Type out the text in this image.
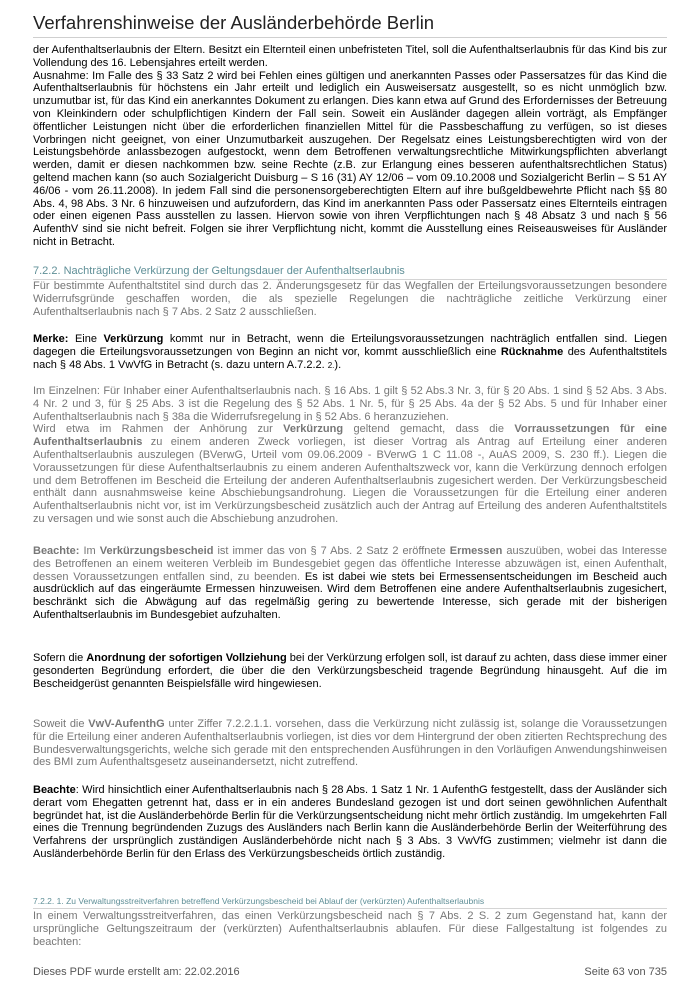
Verfahrenshinweise der Ausländerbehörde Berlin

der Aufenthaltserlaubnis der Eltern. Besitzt ein Elternteil einen unbefristeten Titel, soll die Aufenthaltserlaubnis für das Kind bis zur Vollendung des 16. Lebensjahres erteilt werden.

Ausnahme: Im Falle des § 33 Satz 2 wird bei Fehlen eines gültigen und anerkannten Passes oder Passersatzes für das Kind die Aufenthaltserlaubnis für höchstens ein Jahr erteilt und lediglich ein Ausweisersatz ausgestellt, so es nicht unmöglich bzw. unzumutbar ist, für das Kind ein anerkanntes Dokument zu erlangen. Dies kann etwa auf Grund des Erfordernisses der Betreuung von Kleinkindern oder schulpflichtigen Kindern der Fall sein. Soweit ein Ausländer dagegen allein vorträgt, als Empfänger öffentlicher Leistungen nicht über die erforderlichen finanziellen Mittel für die Passbeschaffung zu verfügen, so ist dieses Vorbringen nicht geeignet, von einer Unzumutbarkeit auszugehen. Der Regelsatz eines Leistungsberechtigten wird von der Leistungsbehörde anlassbezogen aufgestockt, wenn dem Betroffenen verwaltungsrechtliche Mitwirkungspflichten abverlangt werden, damit er diesen nachkommen bzw. seine Rechte (z.B. zur Erlangung eines besseren aufenthaltsrechtlichen Status) geltend machen kann (so auch Sozialgericht Duisburg – S 16 (31) AY 12/06 – vom 09.10.2008 und Sozialgericht Berlin – S 51 AY 46/06 - vom 26.11.2008). In jedem Fall sind die personensorgeberechtigten Eltern auf ihre bußgeldbewehrte Pflicht nach §§ 80 Abs. 4, 98 Abs. 3 Nr. 6 hinzuweisen und aufzufordern, das Kind im anerkannten Pass oder Passersatz eines Elternteils eintragen oder einen eigenen Pass ausstellen zu lassen. Hiervon sowie von ihren Verpflichtungen nach § 48 Absatz 3 und nach § 56 AufenthV sind sie nicht befreit. Folgen sie ihrer Verpflichtung nicht, kommt die Ausstellung eines Reiseausweises für Ausländer nicht in Betracht.

7.2.2. Nachträgliche Verkürzung der Geltungsdauer der Aufenthaltserlaubnis

Für bestimmte Aufenthaltstitel sind durch das 2. Änderungsgesetz für das Wegfallen der Erteilungsvoraussetzungen besondere Widerrufsgründe geschaffen worden, die als spezielle Regelungen die nachträgliche zeitliche Verkürzung einer Aufenthaltserlaubnis nach § 7 Abs. 2 Satz 2 ausschließen.

Merke: Eine Verkürzung kommt nur in Betracht, wenn die Erteilungsvoraussetzungen nachträglich entfallen sind. Liegen dagegen die Erteilungsvoraussetzungen von Beginn an nicht vor, kommt ausschließlich eine Rücknahme des Aufenthaltstitels nach § 48 Abs. 1 VwVfG in Betracht (s. dazu untern A.7.2.2. 2.).

Im Einzelnen: Für Inhaber einer Aufenthaltserlaubnis nach. § 16 Abs. 1 gilt § 52 Abs.3 Nr. 3, für § 20 Abs. 1 sind § 52 Abs. 3 Abs. 4 Nr. 2 und 3, für § 25 Abs. 3 ist die Regelung des § 52 Abs. 1 Nr. 5, für § 25 Abs. 4a der § 52 Abs. 5 und für Inhaber einer Aufenthaltserlaubnis nach § 38a die Widerrufsregelung in § 52 Abs. 6 heranzuziehen.

Wird etwa im Rahmen der Anhörung zur Verkürzung geltend gemacht, dass die Vorraussetzungen für eine Aufenthaltserlaubnis zu einem anderen Zweck vorliegen, ist dieser Vortrag als Antrag auf Erteilung einer anderen Aufenthaltserlaubnis auszulegen (BVerwG, Urteil vom 09.06.2009 - BVerwG 1 C 11.08 -, AuAS 2009, S. 230 ff.). Liegen die Voraussetzungen für diese Aufenthaltserlaubnis zu einem anderen Aufenthaltszweck vor, kann die Verkürzung dennoch erfolgen und dem Betroffenen im Bescheid die Erteilung der anderen Aufenthaltserlaubnis zugesichert werden. Der Verkürzungsbescheid enthält dann ausnahmsweise keine Abschiebungsandrohung. Liegen die Voraussetzungen für die Erteilung einer anderen Aufenthaltserlaubnis nicht vor, ist im Verkürzungsbescheid zusätzlich auch der Antrag auf Erteilung des anderen Aufenthaltstitels zu versagen und wie sonst auch die Abschiebung anzudrohen.

Beachte: Im Verkürzungsbescheid ist immer das von § 7 Abs. 2 Satz 2 eröffnete Ermessen auszuüben, wobei das Interesse des Betroffenen an einem weiteren Verbleib im Bundesgebiet gegen das öffentliche Interesse abzuwägen ist, einen Aufenthalt, dessen Voraussetzungen entfallen sind, zu beenden. Es ist dabei wie stets bei Ermessensentscheidungen im Bescheid auch ausdrücklich auf das eingeräumte Ermessen hinzuweisen. Wird dem Betroffenen eine andere Aufenthaltserlaubnis zugesichert, beschränkt sich die Abwägung auf das regelmäßig gering zu bewertende Interesse, sich gerade mit der bisherigen Aufenthaltserlaubnis im Bundesgebiet aufzuhalten.

Sofern die Anordnung der sofortigen Vollziehung bei der Verkürzung erfolgen soll, ist darauf zu achten, dass diese immer einer gesonderten Begründung erfordert, die über die den Verkürzungsbescheid tragende Begründung hinausgeht. Auf die im Bescheidgerüst genannten Beispielsfälle wird hingewiesen.

Soweit die VwV-AufenthG unter Ziffer 7.2.2.1.1. vorsehen, dass die Verkürzung nicht zulässig ist, solange die Voraussetzungen für die Erteilung einer anderen Aufenthaltserlaubnis vorliegen, ist dies vor dem Hintergrund der oben zitierten Rechtsprechung des Bundesverwaltungsgerichts, welche sich gerade mit den entsprechenden Ausführungen in den Vorläufigen Anwendungshinweisen des BMI zum Aufenthaltsgesetz auseinandersetzt, nicht zutreffend.

Beachte: Wird hinsichtlich einer Aufenthaltserlaubnis nach § 28 Abs. 1 Satz 1 Nr. 1 AufenthG festgestellt, dass der Ausländer sich derart vom Ehegatten getrennt hat, dass er in ein anderes Bundesland gezogen ist und dort seinen gewöhnlichen Aufenthalt begründet hat, ist die Ausländerbehörde Berlin für die Verkürzungsentscheidung nicht mehr örtlich zuständig. Im umgekehrten Fall eines die Trennung begründenden Zuzugs des Ausländers nach Berlin kann die Ausländerbehörde Berlin der Weiterführung des Verfahrens der ursprünglich zuständigen Ausländerbehörde nicht nach § 3 Abs. 3 VwVfG zustimmen; vielmehr ist dann die Ausländerbehörde Berlin für den Erlass des Verkürzungsbescheids örtlich zuständig.

7.2.2. 1. Zu Verwaltungsstreitverfahren betreffend Verkürzungsbescheid bei Ablauf der (verkürzten) Aufenthaltserlaubnis

In einem Verwaltungsstreitverfahren, das einen Verkürzungsbescheid nach § 7 Abs. 2 S. 2 zum Gegenstand hat, kann der ursprüngliche Geltungszeitraum der (verkürzten) Aufenthaltserlaubnis ablaufen. Für diese Fallgestaltung ist folgendes zu beachten:

Dieses PDF wurde erstellt am: 22.02.2016	Seite 63 von 735
